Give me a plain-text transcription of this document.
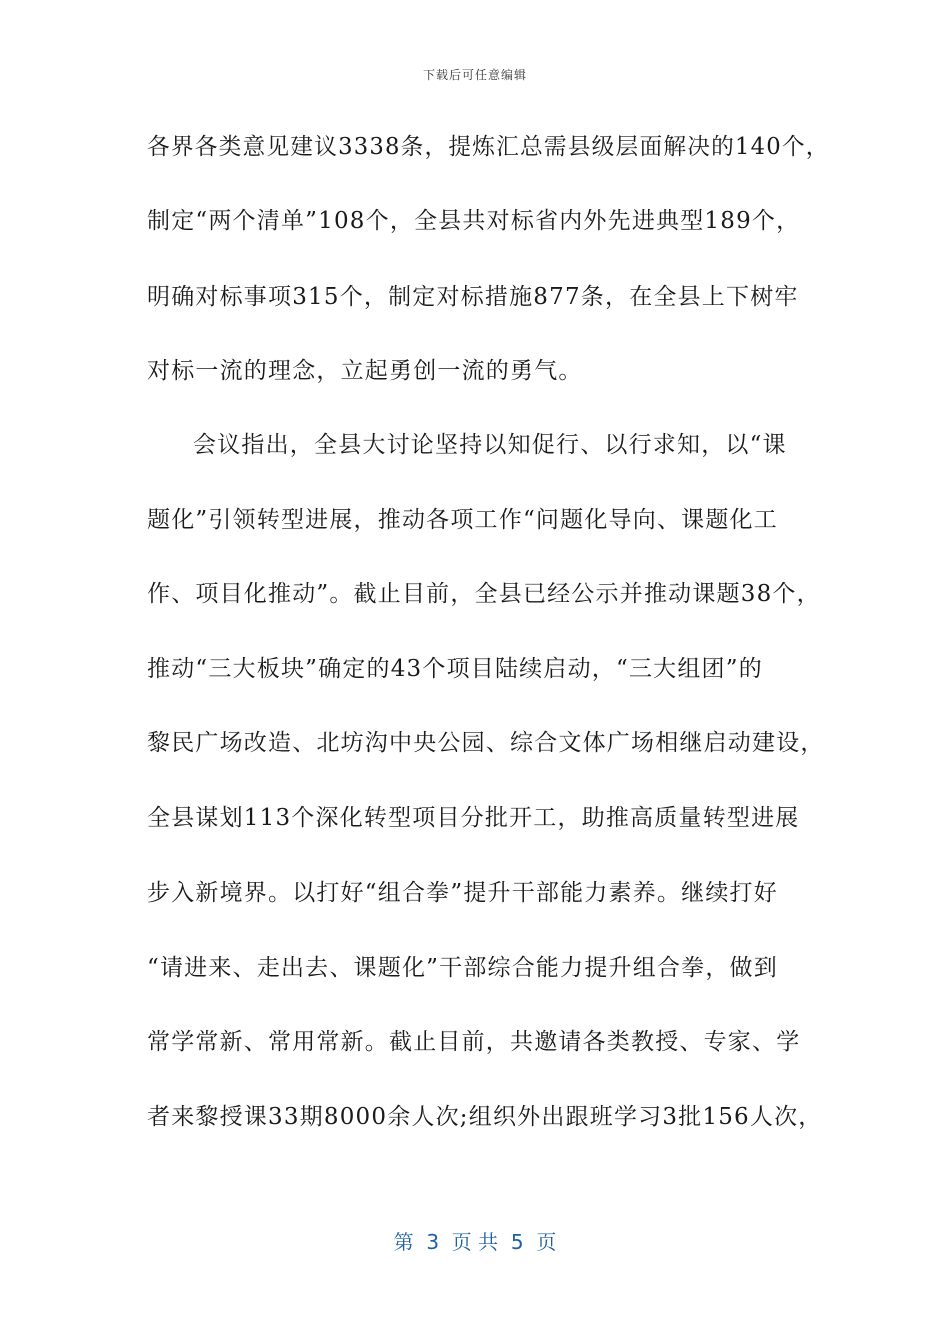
下载后可任意编辑
各界各类意见建议3338条，提炼汇总需县级层面解决的140个，
制定“两个清单”108个，全县共对标省内外先进典型189个，
明确对标事项315个，制定对标措施877条，在全县上下树牢
对标一流的理念，立起勇创一流的勇气。
会议指出，全县大讨论坚持以知促行、以行求知，以“课
题化”引领转型进展，推动各项工作“问题化导向、课题化工
作、项目化推动”。截止目前，全县已经公示并推动课题38个，
推动“三大板块”确定的43个项目陆续启动，“三大组团”的
黎民广场改造、北坊沟中央公园、综合文体广场相继启动建设，
全县谋划113个深化转型项目分批开工，助推高质量转型进展
步入新境界。以打好“组合拳”提升干部能力素养。继续打好
“请进来、走出去、课题化”干部综合能力提升组合拳，做到
常学常新、常用常新。截止目前，共邀请各类教授、专家、学
者来黎授课33期8000余人次;组织外出跟班学习3批156人次，
第  3  页 共  5  页
